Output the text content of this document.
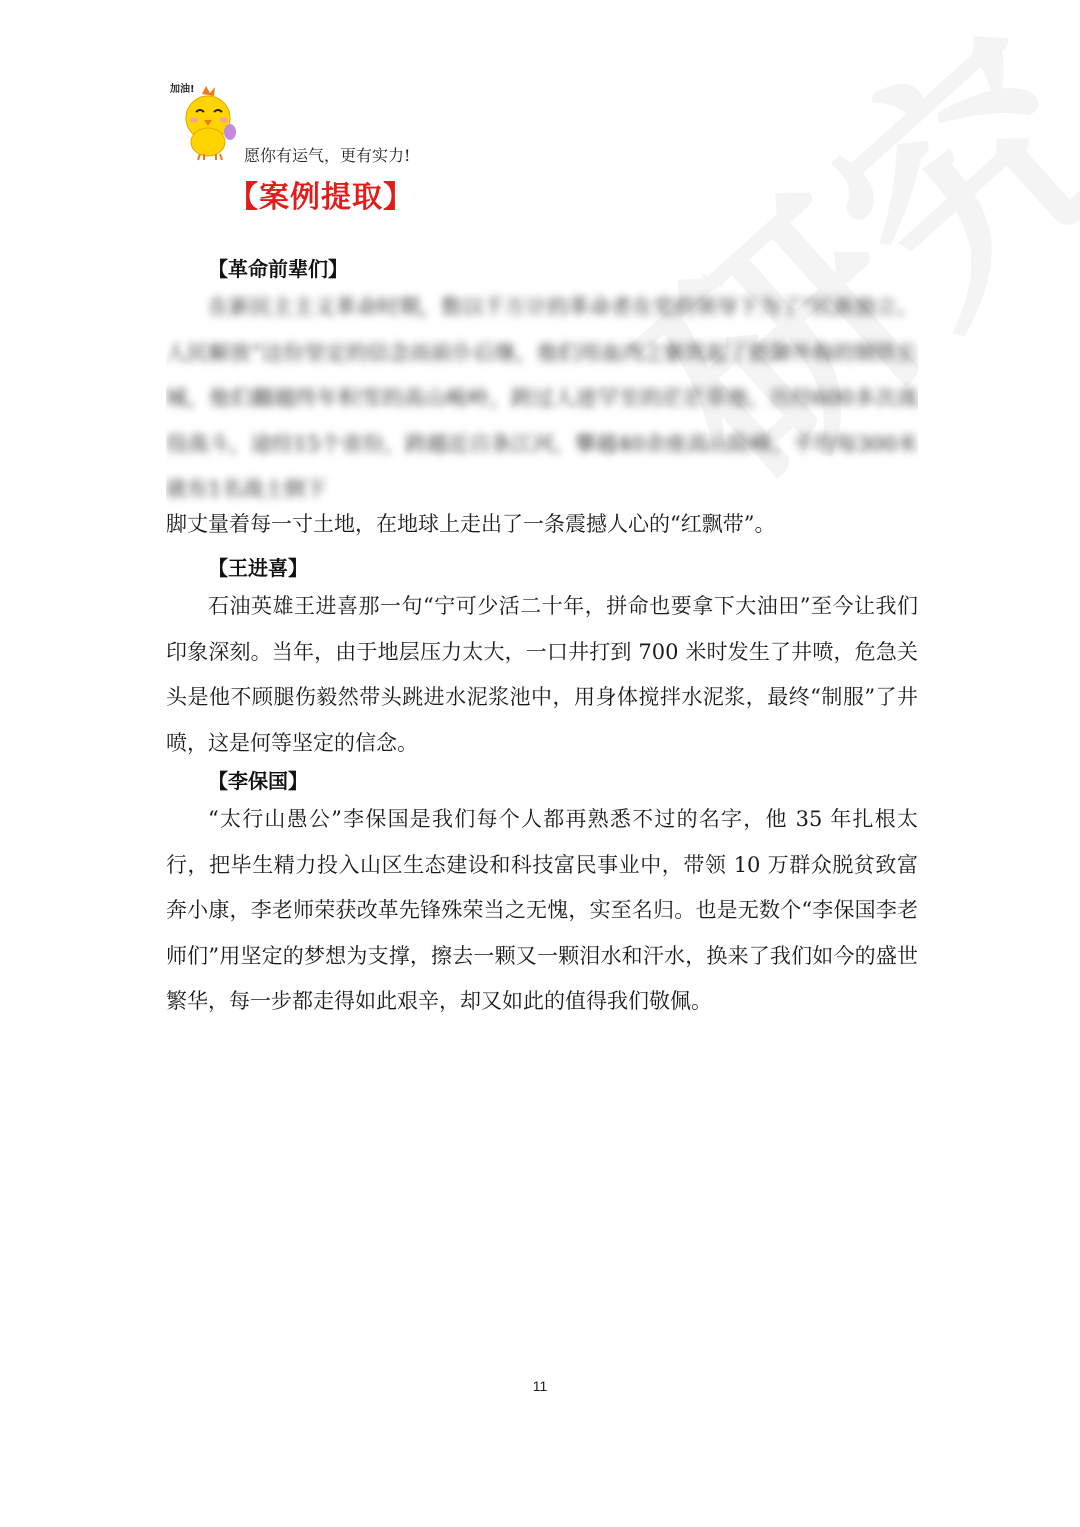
加油!
愿你有运气，更有实力!
【案例提取】
【革命前辈们】
在新民主主义革命时期，数以千万计的革命者在党的领导下为了“民族独立、人民解放”这份坚定的信念而前仆后继，他们用血肉之躯筑起了抵御外侮的钢铁长城，他们翻越终年积雪的高山峻岭，跨过人迹罕至的茫茫草地，历经600多次战役战斗，途经15个省份，跨越近百条江河，攀越40余座高山险峰，平均每300米就有1名战士倒下
脚丈量着每一寸土地，在地球上走出了一条震撼人心的“红飘带”。
【王进喜】
石油英雄王进喜那一句“宁可少活二十年，拼命也要拿下大油田”至今让我们印象深刻。当年，由于地层压力太大，一口井打到 700 米时发生了井喷，危急关头是他不顾腿伤毅然带头跳进水泥浆池中，用身体搅拌水泥浆，最终“制服”了井喷，这是何等坚定的信念。
【李保国】
“太行山愚公”李保国是我们每个人都再熟悉不过的名字，他 35 年扎根太行，把毕生精力投入山区生态建设和科技富民事业中，带领 10 万群众脱贫致富奔小康，李老师荣获改革先锋殊荣当之无愧，实至名归。也是无数个“李保国李老师们”用坚定的梦想为支撑，擦去一颗又一颗泪水和汗水，换来了我们如今的盛世繁华，每一步都走得如此艰辛，却又如此的值得我们敬佩。
11
